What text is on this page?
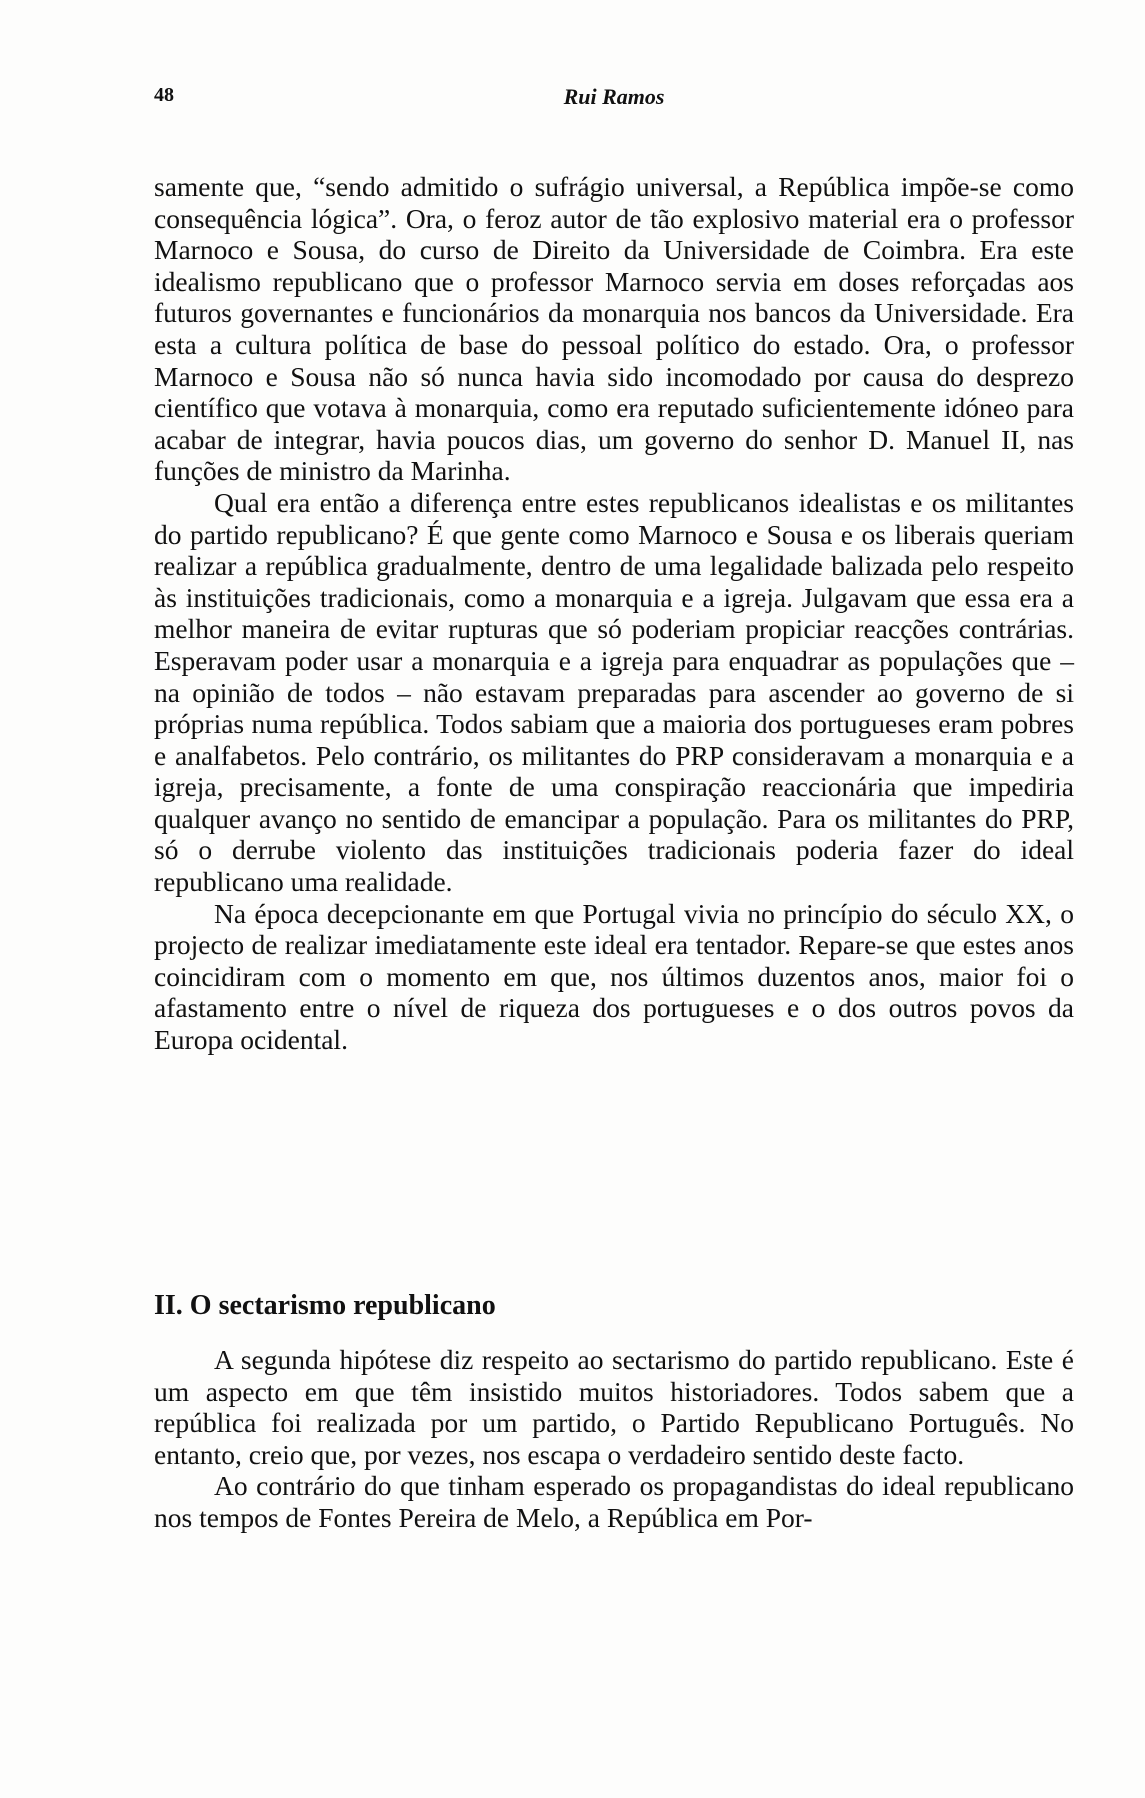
48	Rui Ramos

samente que, “sendo admitido o sufrágio universal, a República impõe-se como consequência lógica”. Ora, o feroz autor de tão explosivo material era o professor Marnoco e Sousa, do curso de Direito da Universidade de Coimbra. Era este idealismo republicano que o professor Marnoco servia em doses reforçadas aos futuros governantes e funcionários da monarquia nos bancos da Universidade. Era esta a cultura política de base do pessoal político do estado. Ora, o professor Marnoco e Sousa não só nunca havia sido incomodado por causa do desprezo científico que votava à monarquia, como era reputado suficientemente idóneo para acabar de integrar, havia poucos dias, um governo do senhor D. Manuel II, nas funções de ministro da Marinha.

Qual era então a diferença entre estes republicanos idealistas e os militantes do partido republicano? É que gente como Marnoco e Sousa e os liberais queriam realizar a república gradualmente, dentro de uma legalidade balizada pelo respeito às instituições tradicionais, como a monarquia e a igreja. Julgavam que essa era a melhor maneira de evitar rupturas que só poderiam propiciar reacções contrárias. Esperavam poder usar a monarquia e a igreja para enquadrar as populações que – na opinião de todos – não estavam preparadas para ascender ao governo de si próprias numa república. Todos sabiam que a maioria dos portugueses eram pobres e analfabetos. Pelo contrário, os militantes do PRP consideravam a monarquia e a igreja, precisamente, a fonte de uma conspiração reaccionária que impediria qualquer avanço no sentido de emancipar a população. Para os militantes do PRP, só o derrube violento das instituições tradicionais poderia fazer do ideal republicano uma realidade.

Na época decepcionante em que Portugal vivia no princípio do século XX, o projecto de realizar imediatamente este ideal era tentador. Repare-se que estes anos coincidiram com o momento em que, nos últimos duzentos anos, maior foi o afastamento entre o nível de riqueza dos portugueses e o dos outros povos da Europa ocidental.

II. O sectarismo republicano

A segunda hipótese diz respeito ao sectarismo do partido republicano. Este é um aspecto em que têm insistido muitos historiadores. Todos sabem que a república foi realizada por um partido, o Partido Republicano Português. No entanto, creio que, por vezes, nos escapa o verdadeiro sentido deste facto.

Ao contrário do que tinham esperado os propagandistas do ideal republicano nos tempos de Fontes Pereira de Melo, a República em Por-
